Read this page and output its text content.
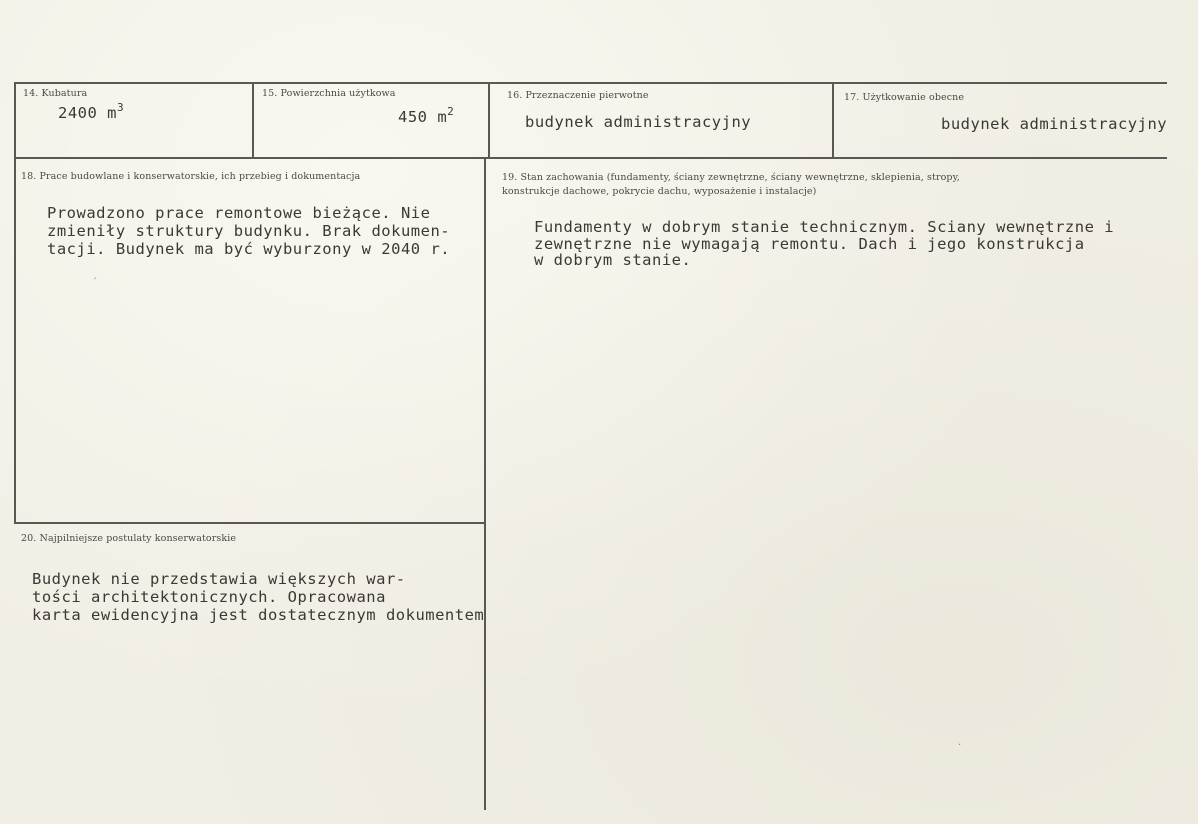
14. Kubatura
2400 $m^3$
15. Powierzchnia użytkowa
450 $m^2$
16. Przeznaczenie pierwotne
budynek administracyjny
17. Użytkowanie obecne
budynek administracyjny
18. Prace budowlane i konserwatorskie, ich przebieg i dokumentacja
Prowadzono prace remontowe bieżące. Nie
zmieniły struktury budynku. Brak dokumen-
tacji. Budynek ma być wyburzony w 2040 r.
19. Stan zachowania (fundamenty, ściany zewnętrzne, ściany wewnętrzne, sklepienia, stropy,
konstrukcje dachowe, pokrycie dachu, wyposażenie i instalacje)
Fundamenty w dobrym stanie technicznym. Sciany wewnętrzne i
zewnętrzne nie wymagają remontu. Dach i jego konstrukcja
w dobrym stanie.
20. Najpilniejsze postulaty konserwatorskie
Budynek nie przedstawia większych war-
tości architektonicznych. Opracowana
karta ewidencyjna jest dostatecznym dokumentem
´
·
